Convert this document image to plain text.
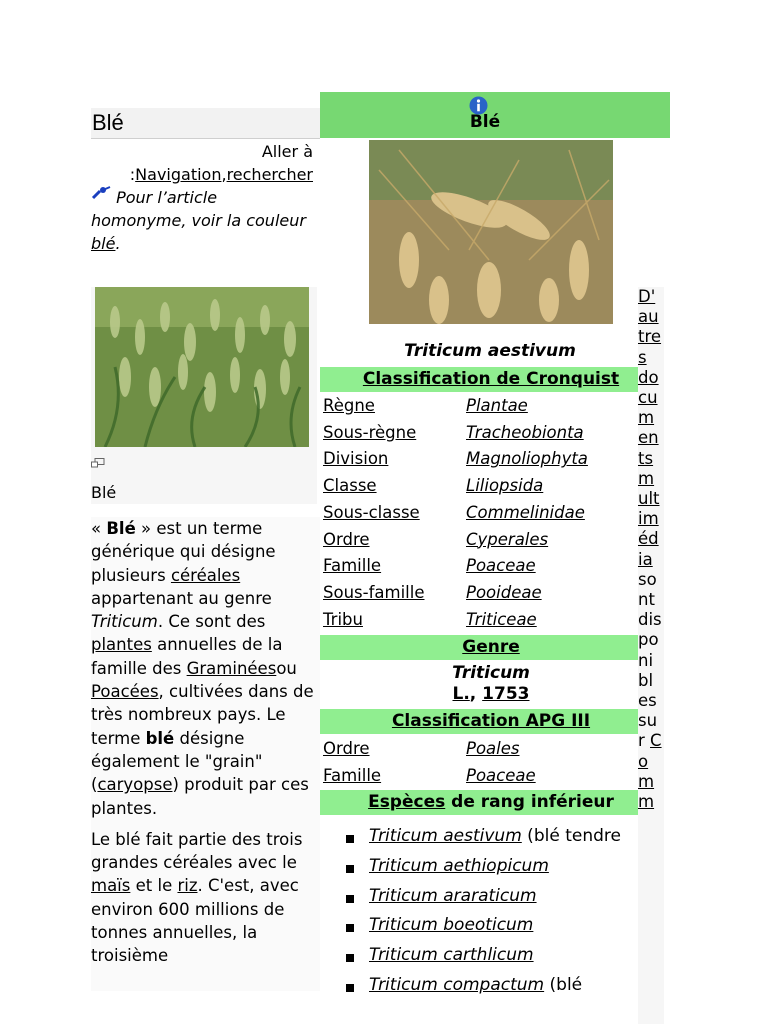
Blé
Aller à :Navigation,rechercher
Pour l’article homonyme, voir la couleur blé.
Blé

« Blé » est un terme générique qui désigne plusieurs céréales appartenant au genre Triticum. Ce sont des plantes annuelles de la famille des Graminéesou Poacées, cultivées dans de très nombreux pays. Le terme blé désigne également le "grain" (caryopse) produit par ces plantes.

Le blé fait partie des trois grandes céréales avec le maïs et le riz. C'est, avec environ 600 millions de tonnes annuelles, la troisième

Blé
Triticum aestivum
Classification de Cronquist
Règne	Plantae
Sous-règne	Tracheobionta
Division	Magnoliophyta
Classe	Liliopsida
Sous-classe	Commelinidae
Ordre	Cyperales
Famille	Poaceae
Sous-famille	Pooideae
Tribu	Triticeae
Genre
Triticum
L., 1753
Classification APG III
Ordre	Poales
Famille	Poaceae
Espèces de rang inférieur
Triticum aestivum (blé tendre
Triticum aethiopicum
Triticum araraticum
Triticum boeoticum
Triticum carthlicum
Triticum compactum (blé
D'autres documents multimédia sont disponibles sur Comm
